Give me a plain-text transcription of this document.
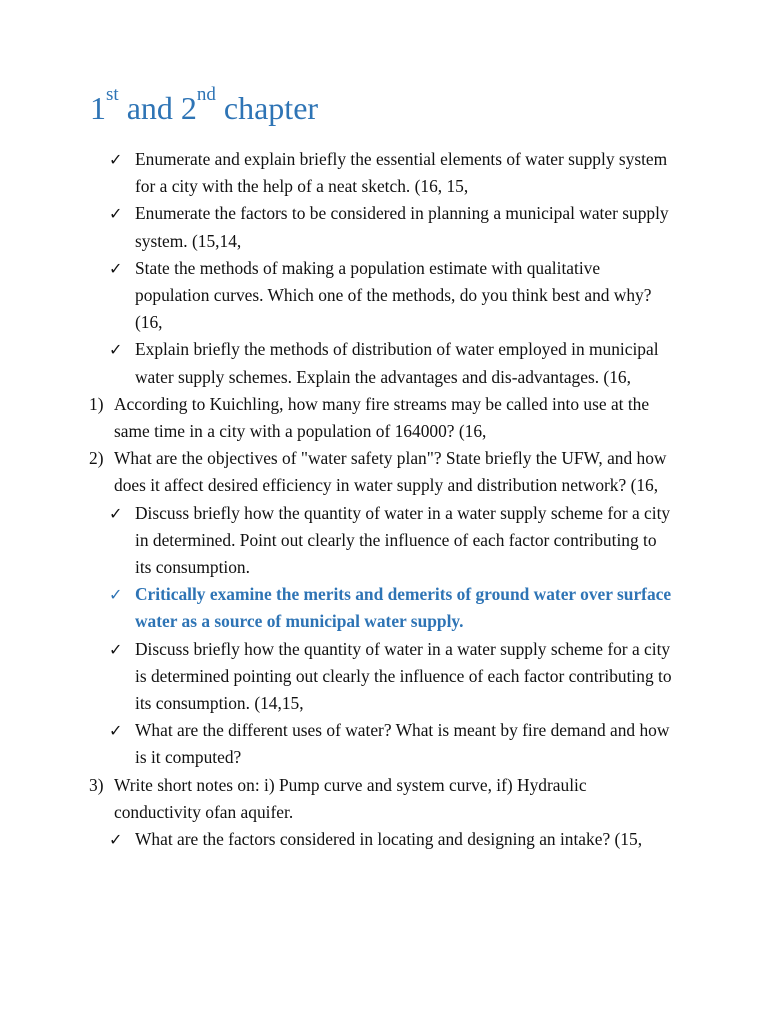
1st and 2nd chapter
✓ Enumerate and explain briefly the essential elements of water supply system for a city with the help of a neat sketch. (16, 15,
✓ Enumerate the factors to be considered in planning a municipal water supply system. (15,14,
✓ State the methods of making a population estimate with qualitative population curves. Which one of the methods, do you think best and why? (16,
✓ Explain briefly the methods of distribution of water employed in municipal water supply schemes. Explain the advantages and dis-advantages. (16,
1) According to Kuichling, how many fire streams may be called into use at the same time in a city with a population of 164000? (16,
2) What are the objectives of "water safety plan"? State briefly the UFW, and how does it affect desired efficiency in water supply and distribution network? (16,
✓ Discuss briefly how the quantity of water in a water supply scheme for a city in determined. Point out clearly the influence of each factor contributing to its consumption.
✓ Critically examine the merits and demerits of ground water over surface water as a source of municipal water supply.
✓ Discuss briefly how the quantity of water in a water supply scheme for a city is determined pointing out clearly the influence of each factor contributing to its consumption. (14,15,
✓ What are the different uses of water? What is meant by fire demand and how is it computed?
3) Write short notes on: i) Pump curve and system curve, if) Hydraulic conductivity ofan aquifer.
✓ What are the factors considered in locating and designing an intake? (15,
